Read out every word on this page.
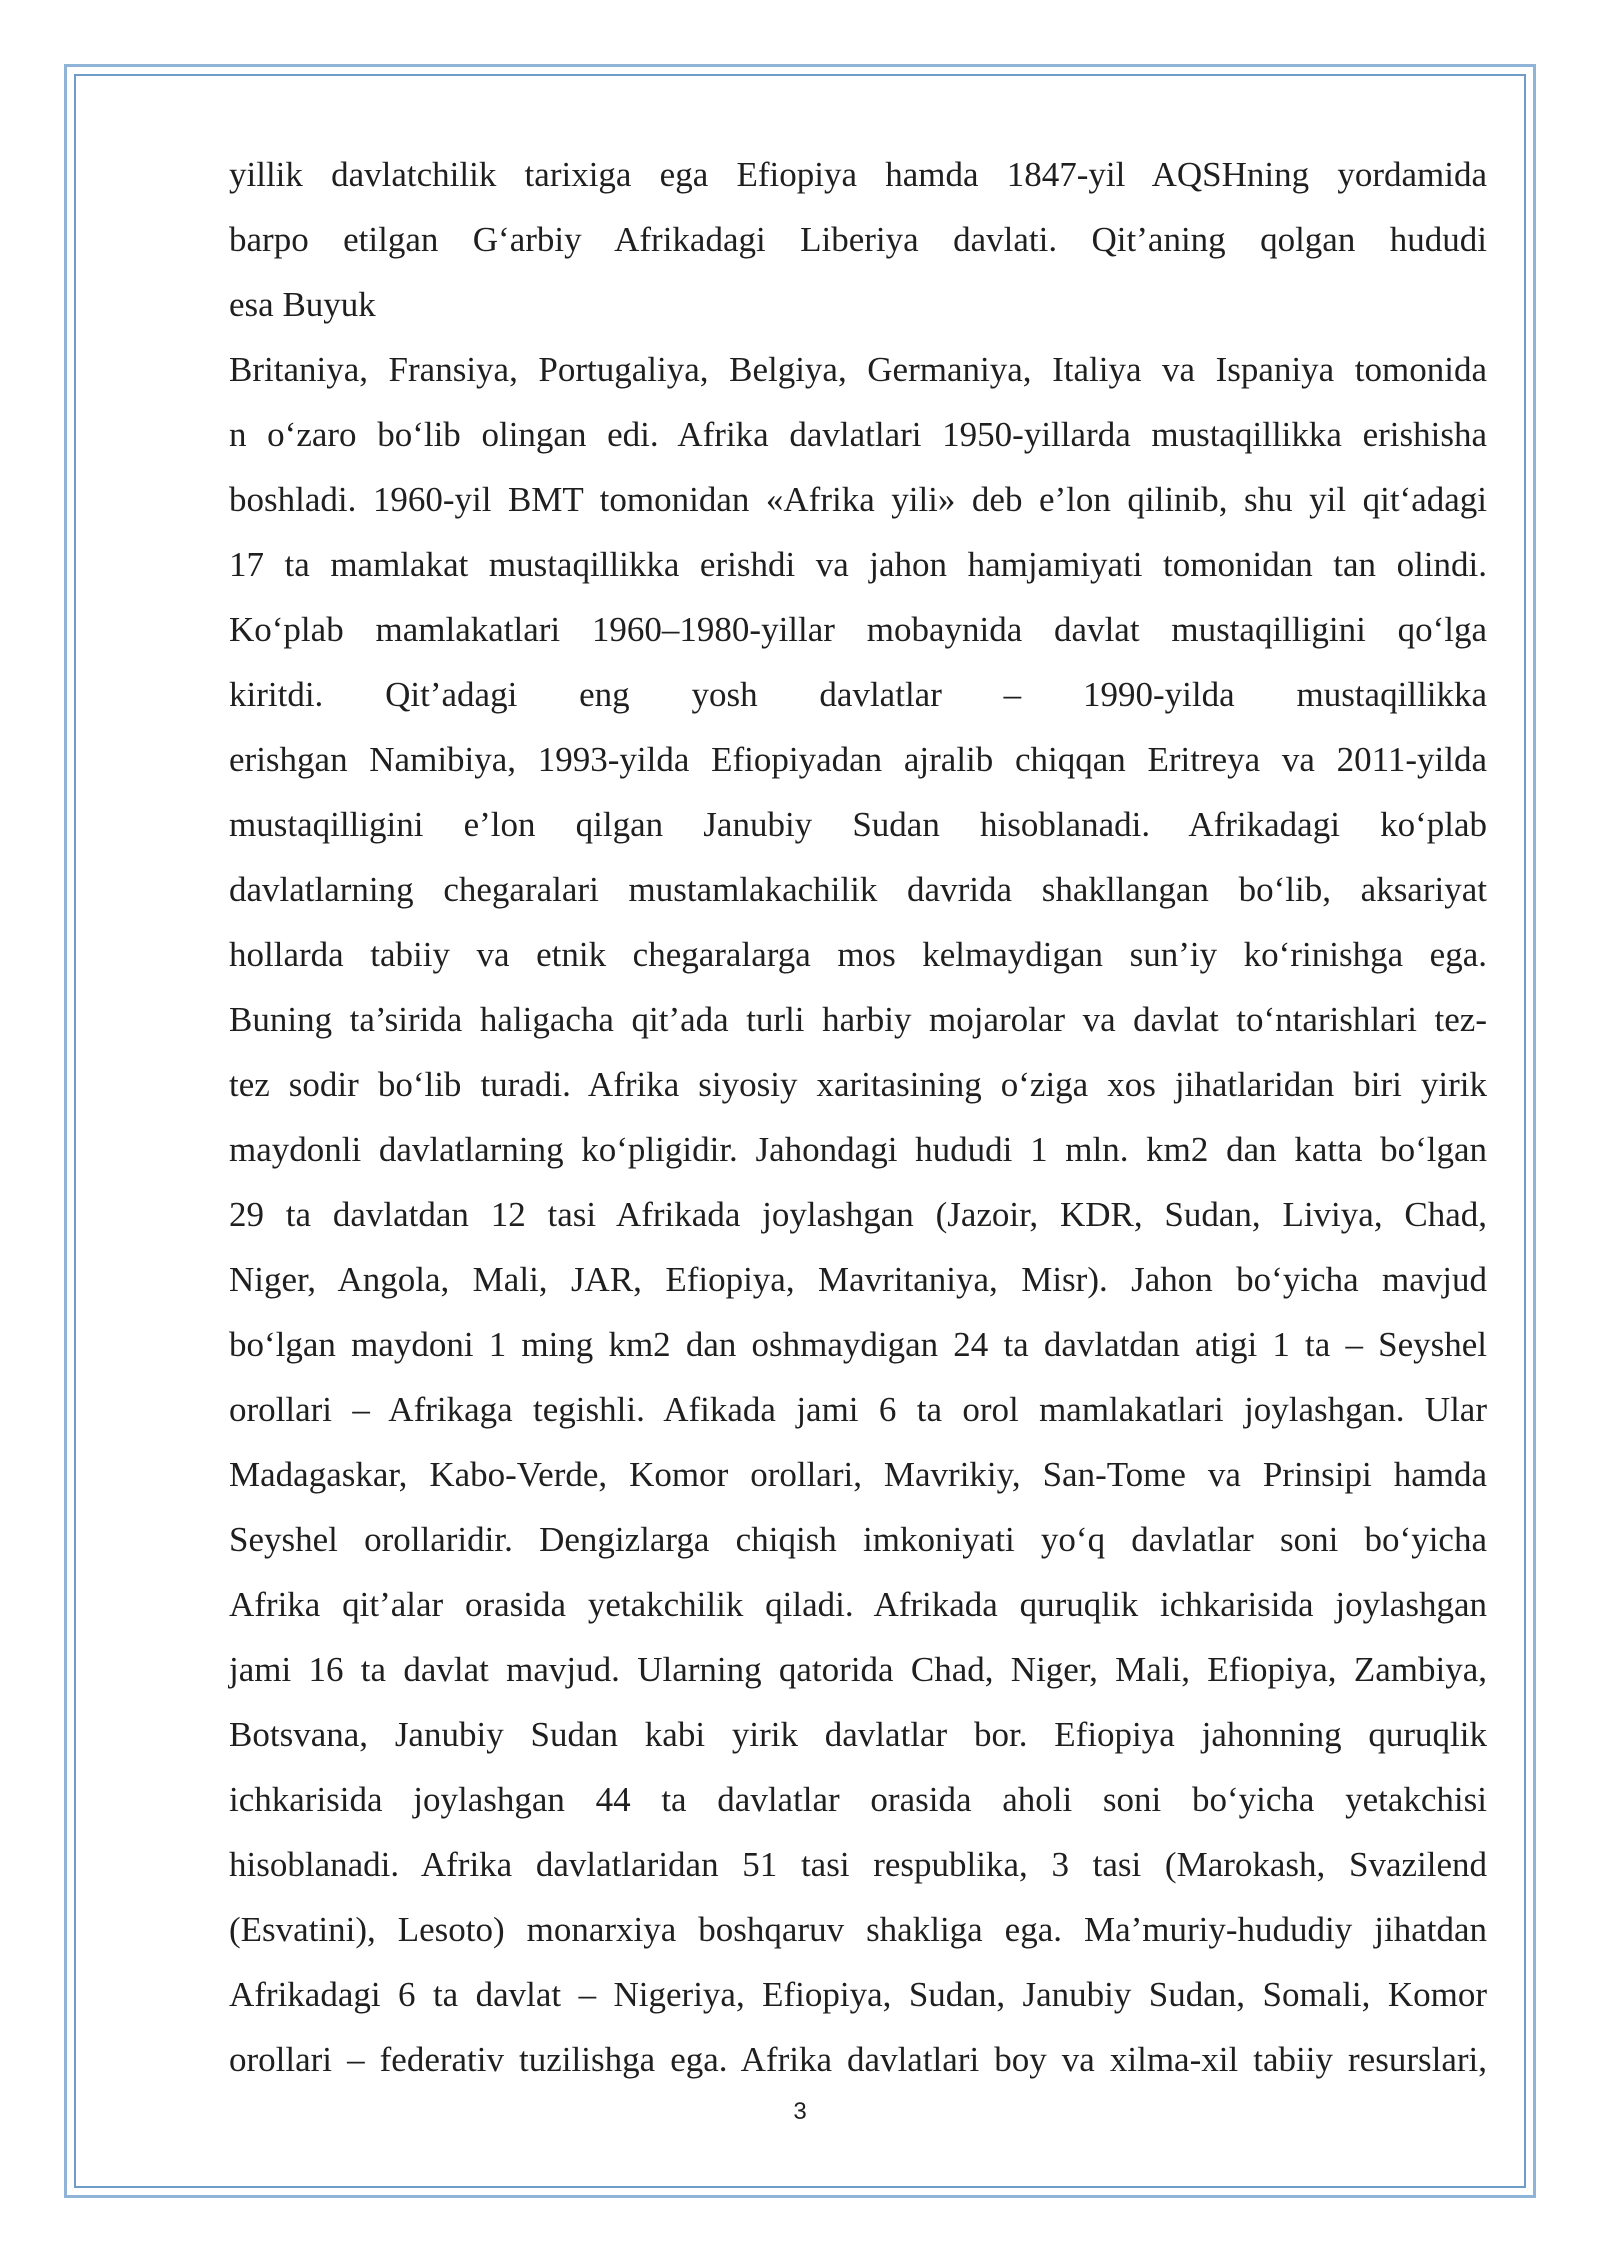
yillik davlatchilik tarixiga ega Efiopiya hamda 1847-yil AQSHning yordamida
barpo etilgan G‘arbiy Afrikadagi Liberiya davlati. Qit’aning qolgan hududi
esa Buyuk
Britaniya, Fransiya, Portugaliya, Belgiya, Germaniya, Italiya va Ispaniya tomonida
n o‘zaro bo‘lib olingan edi. Afrika davlatlari 1950-yillarda mustaqillikka erishisha
boshladi. 1960-yil BMT tomonidan «Afrika yili» deb e’lon qilinib, shu yil qit‘adagi
17 ta mamlakat mustaqillikka erishdi va jahon hamjamiyati tomonidan tan olindi.
Ko‘plab mamlakatlari 1960–1980-yillar mobaynida davlat mustaqilligini qo‘lga
kiritdi. Qit’adagi eng yosh davlatlar – 1990-yilda mustaqillikka
erishgan Namibiya, 1993-yilda Efiopiyadan ajralib chiqqan Eritreya va 2011-yilda
mustaqilligini e’lon qilgan Janubiy Sudan hisoblanadi. Afrikadagi ko‘plab
davlatlarning chegaralari mustamlakachilik davrida shakllangan bo‘lib, aksariyat
hollarda tabiiy va etnik chegaralarga mos kelmaydigan sun’iy ko‘rinishga ega.
Buning ta’sirida haligacha qit’ada turli harbiy mojarolar va davlat to‘ntarishlari tez-
tez sodir bo‘lib turadi. Afrika siyosiy xaritasining o‘ziga xos jihatlaridan biri yirik
maydonli davlatlarning ko‘pligidir. Jahondagi hududi 1 mln. km2 dan katta bo‘lgan
29 ta davlatdan 12 tasi Afrikada joylashgan (Jazoir, KDR, Sudan, Liviya, Chad,
Niger, Angola, Mali, JAR, Efiopiya, Mavritaniya, Misr). Jahon bo‘yicha mavjud
bo‘lgan maydoni 1 ming km2 dan oshmaydigan 24 ta davlatdan atigi 1 ta – Seyshel
orollari – Afrikaga tegishli. Afikada jami 6 ta orol mamlakatlari joylashgan. Ular
Madagaskar, Kabo-Verde, Komor orollari, Mavrikiy, San-Tome va Prinsipi hamda
Seyshel orollaridir. Dengizlarga chiqish imkoniyati yo‘q davlatlar soni bo‘yicha
Afrika qit’alar orasida yetakchilik qiladi. Afrikada quruqlik ichkarisida joylashgan
jami 16 ta davlat mavjud. Ularning qatorida Chad, Niger, Mali, Efiopiya, Zambiya,
Botsvana, Janubiy Sudan kabi yirik davlatlar bor. Efiopiya jahonning quruqlik
ichkarisida joylashgan 44 ta davlatlar orasida aholi soni bo‘yicha yetakchisi
hisoblanadi. Afrika davlatlaridan 51 tasi respublika, 3 tasi (Marokash, Svazilend
(Esvatini), Lesoto) monarxiya boshqaruv shakliga ega. Ma’muriy-hududiy jihatdan
Afrikadagi 6 ta davlat – Nigeriya, Efiopiya, Sudan, Janubiy Sudan, Somali, Komor
orollari – federativ tuzilishga ega. Afrika davlatlari boy va xilma-xil tabiiy resurslari,
3
